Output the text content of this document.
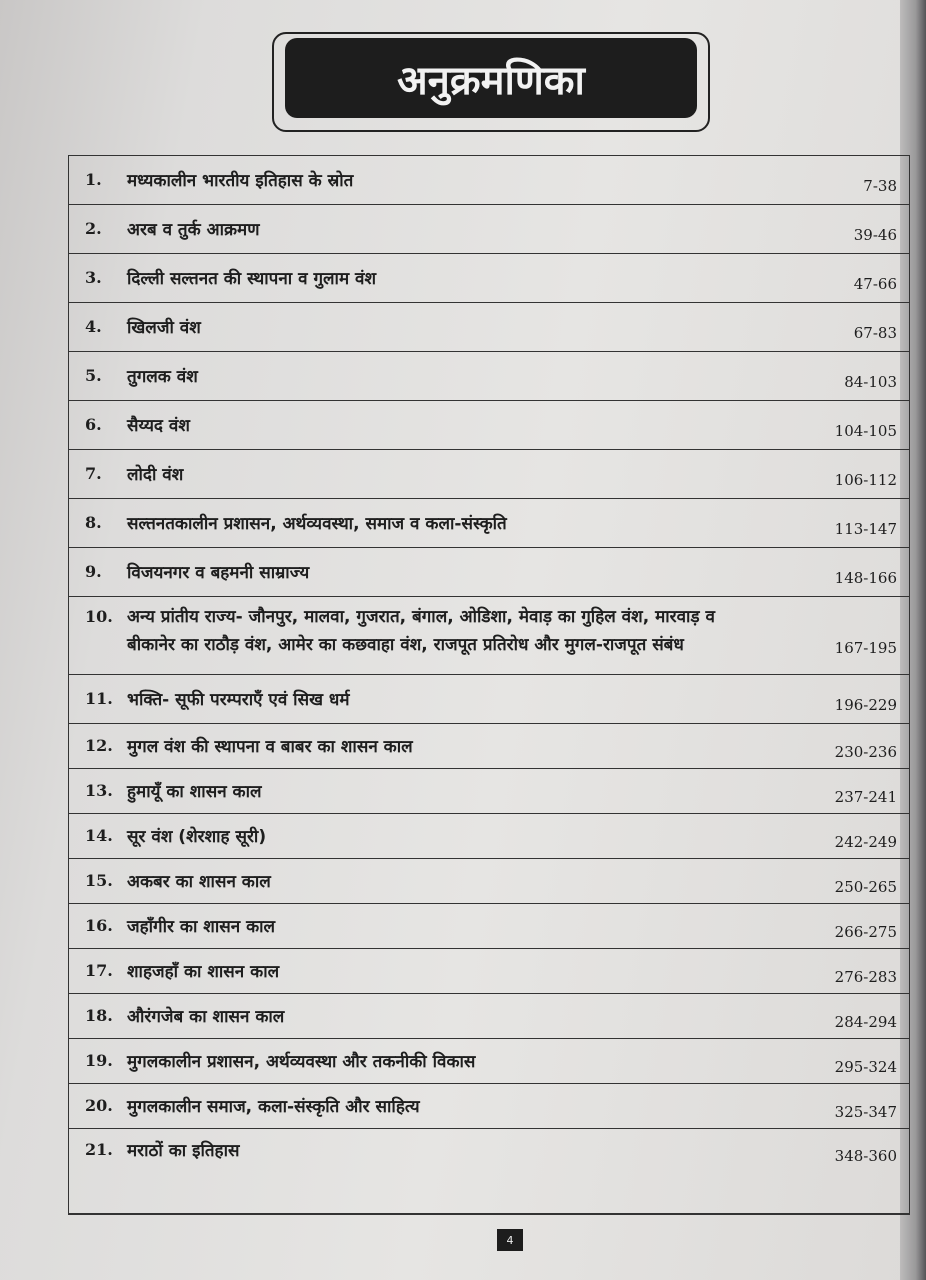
अनुक्रमणिका
1. मध्यकालीन भारतीय इतिहास के स्रोत	7-38
2. अरब व तुर्क आक्रमण	39-46
3. दिल्ली सल्तनत की स्थापना व गुलाम वंश	47-66
4. खिलजी वंश	67-83
5. तुगलक वंश	84-103
6. सैय्यद वंश	104-105
7. लोदी वंश	106-112
8. सल्तनतकालीन प्रशासन, अर्थव्यवस्था, समाज व कला-संस्कृति	113-147
9. विजयनगर व बहमनी साम्राज्य	148-166
10. अन्य प्रांतीय राज्य- जौनपुर, मालवा, गुजरात, बंगाल, ओडिशा, मेवाड़ का गुहिल वंश, मारवाड़ व बीकानेर का राठौड़ वंश, आमेर का कछवाहा वंश, राजपूत प्रतिरोध और मुगल-राजपूत संबंध	167-195
11. भक्ति- सूफी परम्पराएँ एवं सिख धर्म	196-229
12. मुगल वंश की स्थापना व बाबर का शासन काल	230-236
13. हुमायूँ का शासन काल	237-241
14. सूर वंश (शेरशाह सूरी)	242-249
15. अकबर का शासन काल	250-265
16. जहाँगीर का शासन काल	266-275
17. शाहजहाँ का शासन काल	276-283
18. औरंगजेब का शासन काल	284-294
19. मुगलकालीन प्रशासन, अर्थव्यवस्था और तकनीकी विकास	295-324
20. मुगलकालीन समाज, कला-संस्कृति और साहित्य	325-347
21. मराठों का इतिहास	348-360
4
